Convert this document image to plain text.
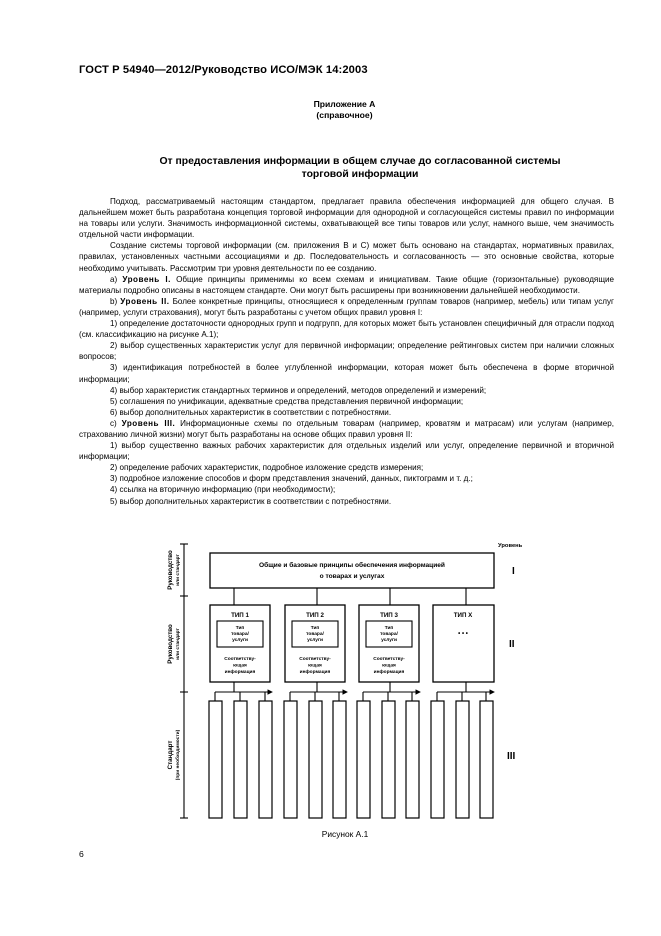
ГОСТ Р 54940—2012/Руководство ИСО/МЭК 14:2003
Приложение А
(справочное)
От предоставления информации в общем случае до согласованной системы
торговой информации

Подход, рассматриваемый настоящим стандартом, предлагает правила обеспечения информацией для общего случая. В дальнейшем может быть разработана концепция торговой информации для однородной и согласующейся системы правил по информации на товары или услуги. Значимость информационной системы, охватывающей все типы товаров или услуг, намного выше, чем значимость отдельной части информации.

Создание системы торговой информации (см. приложения В и С) может быть основано на стандартах, нормативных правилах, правилах, установленных частными ассоциациями и др. Последовательность и согласованность — это основные свойства, которые необходимо учитывать. Рассмотрим три уровня деятельности по ее созданию.

а) Уровень I. Общие принципы применимы ко всем схемам и инициативам. Такие общие (горизонтальные) руководящие материалы подробно описаны в настоящем стандарте. Они могут быть расширены при возникновении дальнейшей необходимости.

b) Уровень II. Более конкретные принципы, относящиеся к определенным группам товаров (например, мебель) или типам услуг (например, услуги страхования), могут быть разработаны с учетом общих правил уровня I:

1) определение достаточности однородных групп и подгрупп, для которых может быть установлен специфичный для отрасли подход (см. классификацию на рисунке А.1);

2) выбор существенных характеристик услуг для первичной информации; определение рейтинговых систем при наличии сложных вопросов;

3) идентификация потребностей в более углубленной информации, которая может быть обеспечена в форме вторичной информации;

4) выбор характеристик стандартных терминов и определений, методов определений и измерений;

5) соглашения по унификации, адекватные средства представления первичной информации;

6) выбор дополнительных характеристик в соответствии с потребностями.

с) Уровень III. Информационные схемы по отдельным товарам (например, кроватям и матрасам) или услугам (например, страхованию личной жизни) могут быть разработаны на основе общих правил уровня II:

1) выбор существенно важных рабочих характеристик для отдельных изделий или услуг, определение первичной и вторичной информации;

2) определение рабочих характеристик, подробное изложение средств измерения;

3) подробное изложение способов и форм представления значений, данных, пиктограмм и т. д.;

4) ссылка на вторичную информацию (при необходимости);

5) выбор дополнительных характеристик в соответствии с потребностями.

Руководство или стандарт
Руководство или стандарт
Стандарт (при необходимости)
Уровень
I
II
III
Общие и базовые принципы обеспечения информацией
о товарах и услугах
ТИП 1
Тип товара/ услуги
Соответству-ющая информация
ТИП 2
Тип товара/ услуги
Соответству-ющая информация
ТИП 3
Тип товара/ услуги
Соответству-ющая информация
ТИП X
• • •
Рисунок А.1
6
